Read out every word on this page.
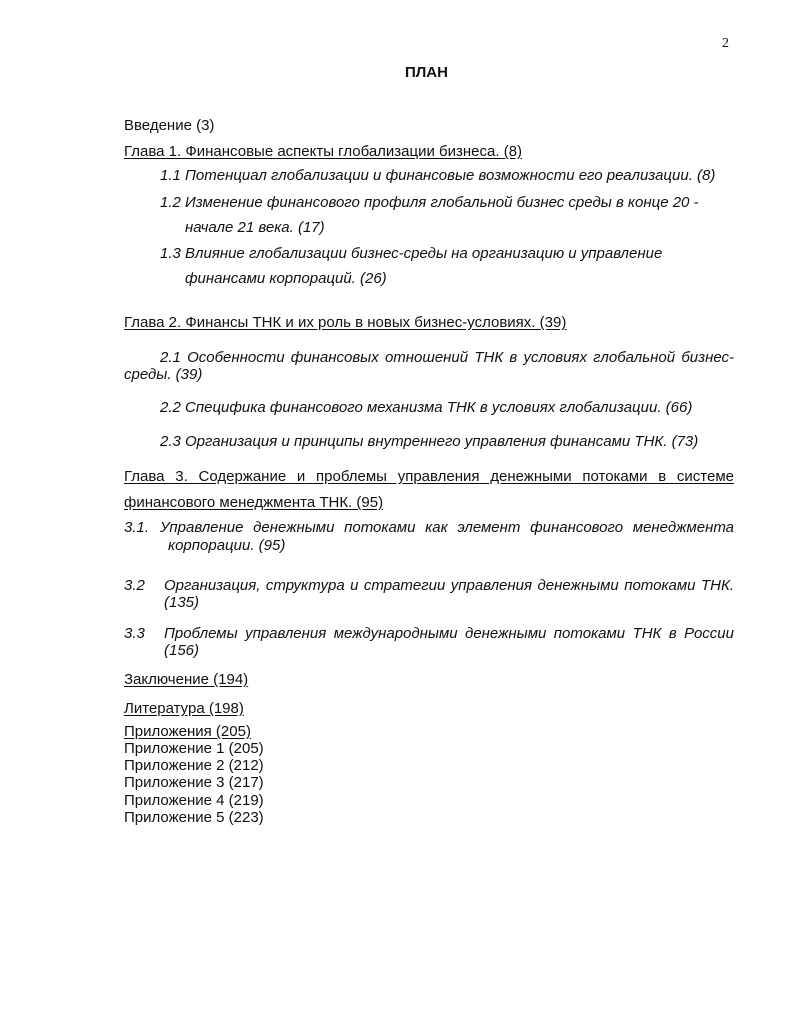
2
ПЛАН
Введение (3)
Глава 1. Финансовые аспекты глобализации бизнеса. (8)
1.1 Потенциал глобализации и финансовые возможности его реализации. (8)
1.2 Изменение финансового профиля глобальной бизнес среды в конце 20 -
начале 21 века. (17)
1.3 Влияние глобализации бизнес-среды на организацию и управление
финансами корпораций. (26)
Глава 2. Финансы ТНК и их роль в новых бизнес-условиях. (39)
2.1 Особенности финансовых отношений ТНК в условиях глобальной бизнес-
среды. (39)
2.2 Специфика финансового механизма ТНК в условиях глобализации. (66)
2.3 Организация и принципы внутреннего управления финансами ТНК. (73)
Глава 3. Содержание и проблемы управления денежными потоками в системе
финансового менеджмента ТНК. (95)
3.1. Управление денежными потоками как элемент финансового менеджмента
корпорации. (95)
3.2 Организация, структура и стратегии управления денежными потоками ТНК. (135)
3.3 Проблемы управления международными денежными потоками ТНК в России (156)
Заключение (194)
Литература (198)
Приложения (205)
Приложение 1 (205)
Приложение 2 (212)
Приложение 3 (217)
Приложение 4 (219)
Приложение 5 (223)
